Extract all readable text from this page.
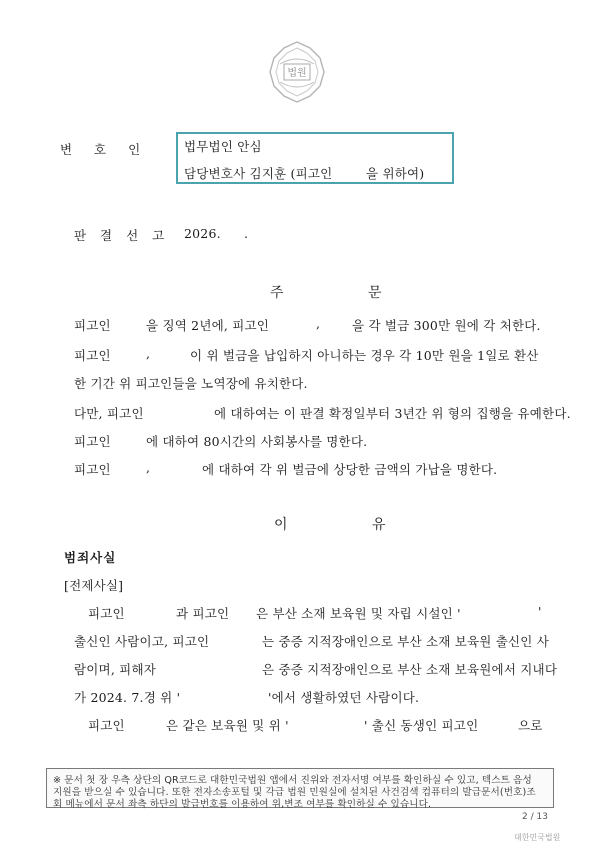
법원
변 호 인	법무법인 안심
담당변호사 김지훈 (피고인	을 위하여)
판 결 선 고 2026. .
주 문
피고인	을 징역 2년에, 피고인	,	을 각 벌금 300만 원에 각 처한다.
피고인	,	이 위 벌금을 납입하지 아니하는 경우 각 10만 원을 1일로 환산
한 기간 위 피고인들을 노역장에 유치한다.
다만, 피고인	에 대하여는 이 판결 확정일부터 3년간 위 형의 집행을 유예한다.
피고인	에 대하여 80시간의 사회봉사를 명한다.
피고인	,	에 대하여 각 위 벌금에 상당한 금액의 가납을 명한다.
이 유
범죄사실
[전제사실]
피고인	과 피고인 은 부산 소재 보육원 및 자립 시설인 '	'
출신인 사람이고, 피고인	는 중증 지적장애인으로 부산 소재 보육원 출신인 사
람이며, 피해자	은 중증 지적장애인으로 부산 소재 보육원에서 지내다
가 2024. 7.경 위 '	'에서 생활하였던 사람이다.
피고인	은 같은 보육원 및 위 '	' 출신 동생인 피고인	으로
※ 문서 첫 장 우측 상단의 QR코드로 대한민국법원 앱에서 진위와 전자서명 여부를 확인하실 수 있고, 텍스트 음성
지원을 받으실 수 있습니다. 또한 전자소송포털 및 각급 법원 민원실에 설치된 사건검색 컴퓨터의 발급문서(번호)조
회 메뉴에서 문서 좌측 하단의 발급번호를 이용하여 위,변조 여부를 확인하실 수 있습니다.
2 / 13
대한민국법원
